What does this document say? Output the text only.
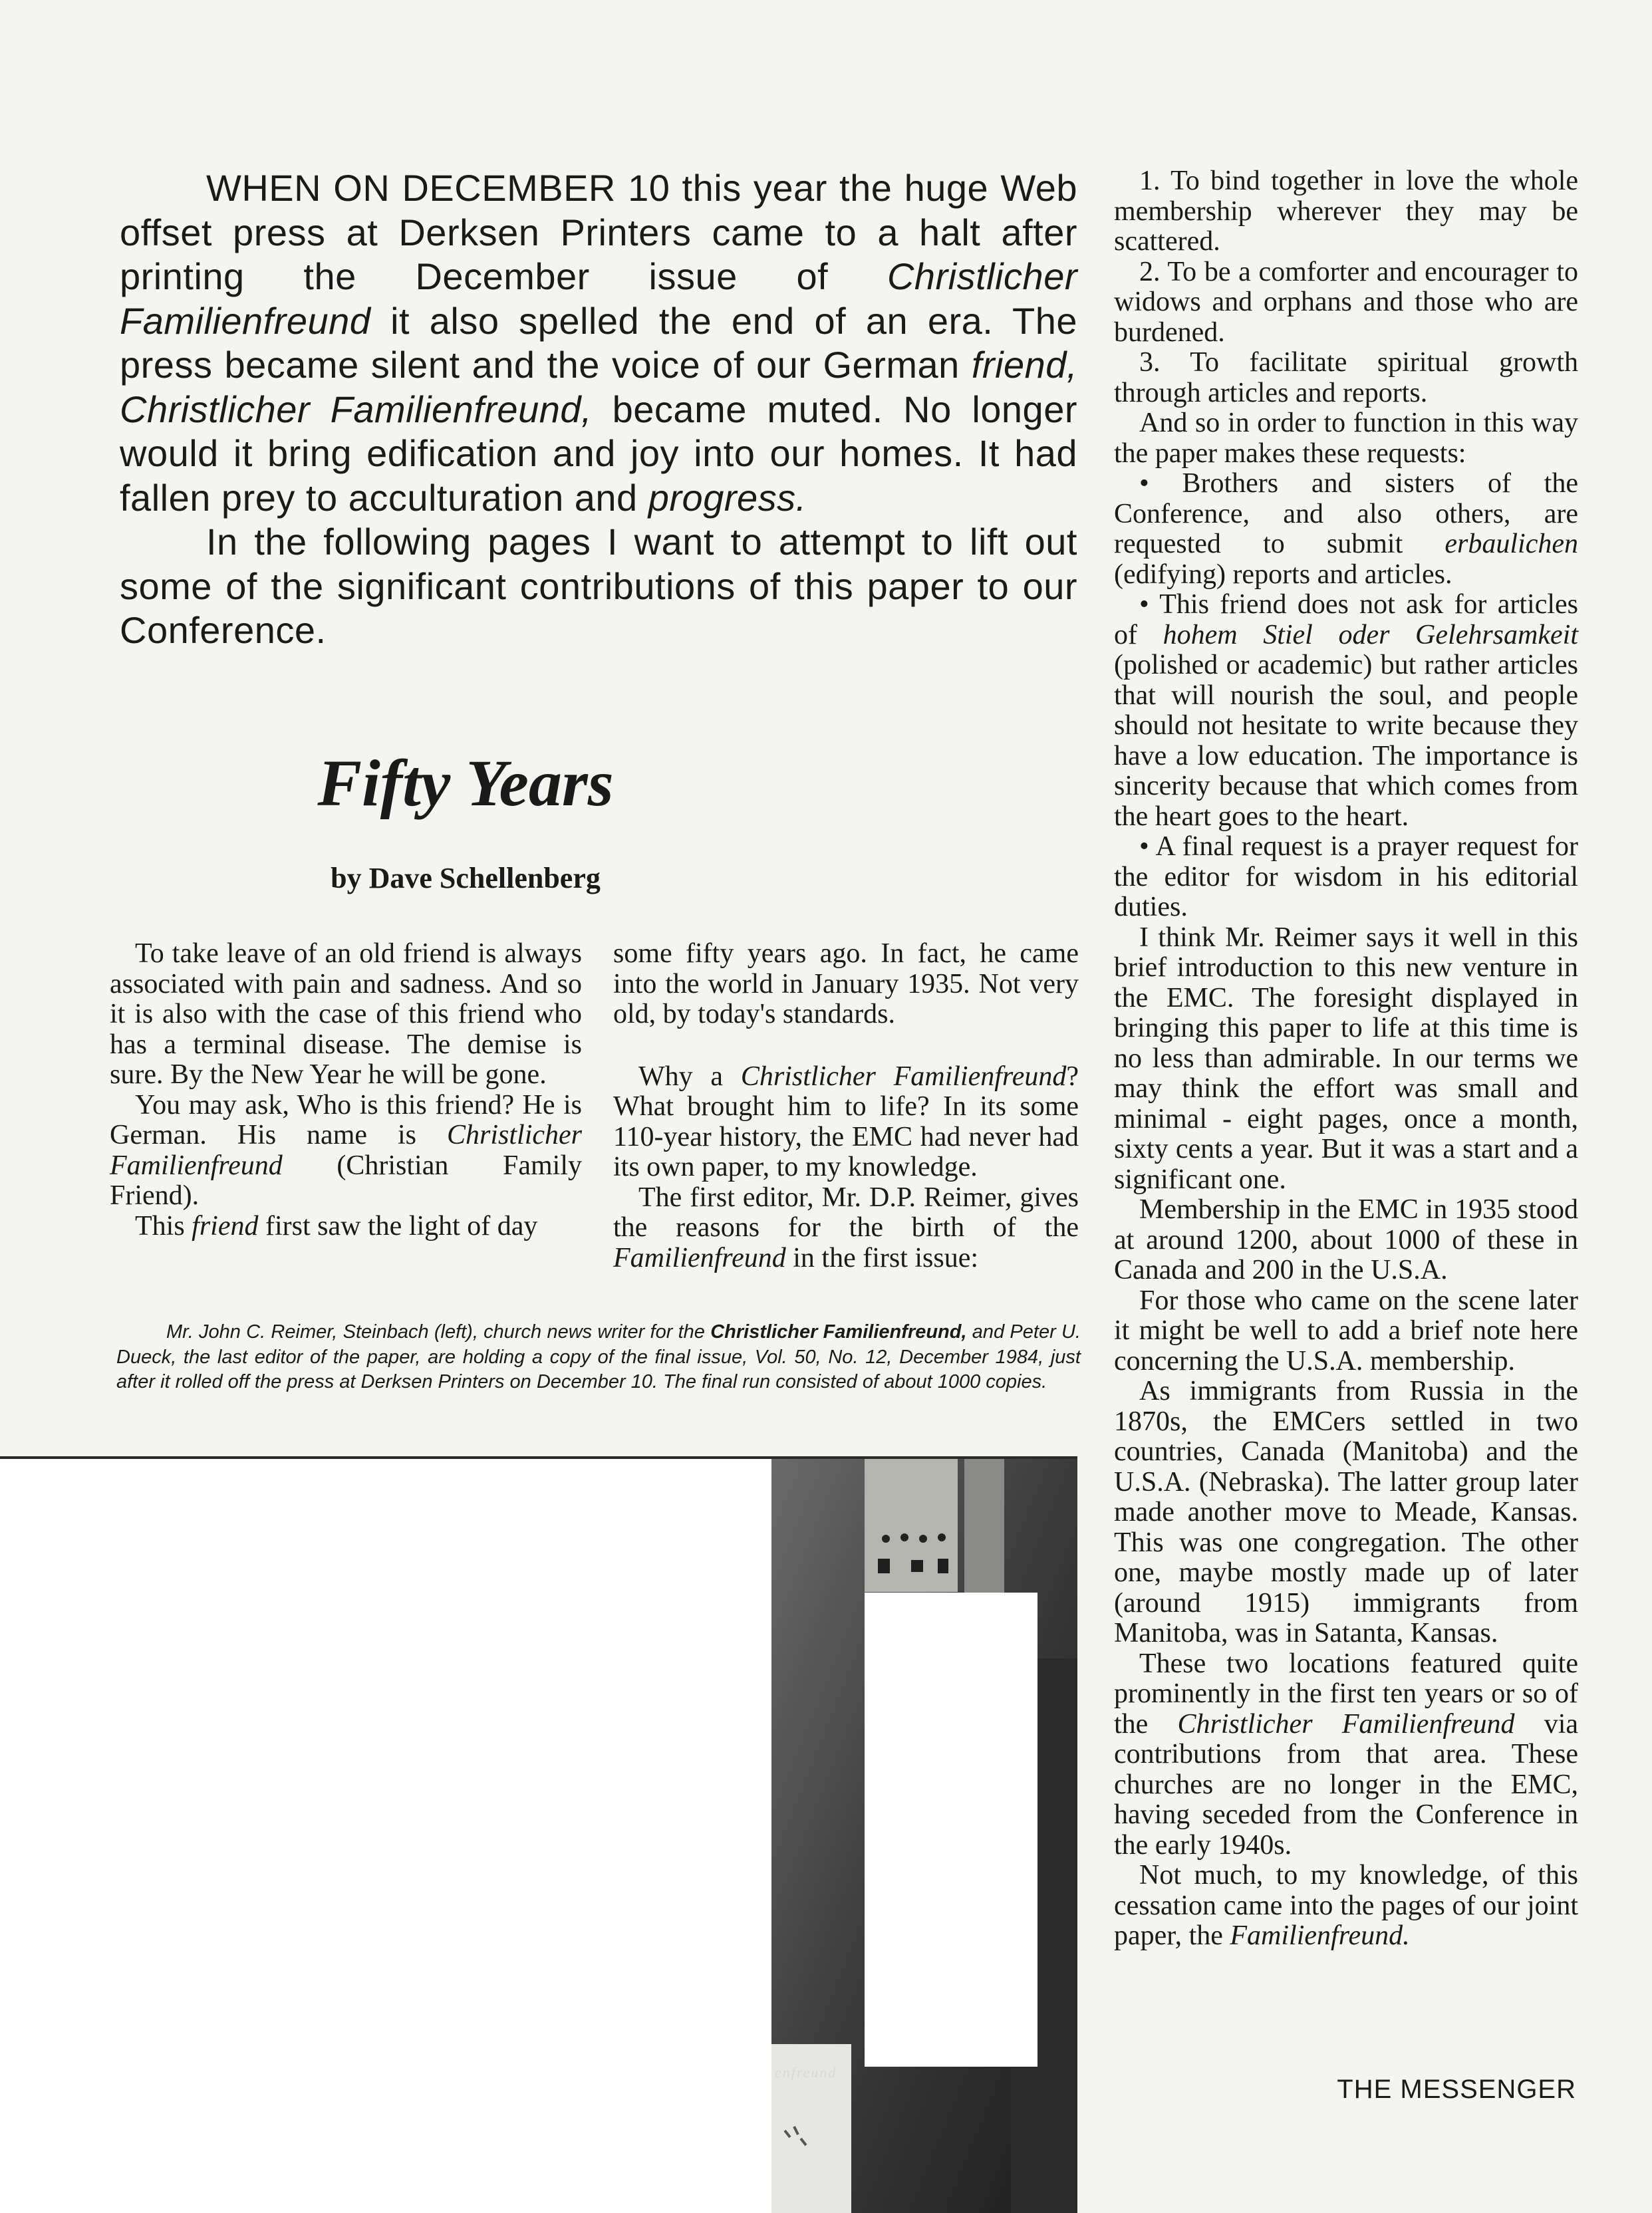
WHEN ON DECEMBER 10 this year the huge Web offset press at Derksen Printers came to a halt after printing the December issue of Christlicher Familienfreund it also spelled the end of an era. The press became silent and the voice of our German friend, Christlicher Familienfreund, became muted. No longer would it bring edification and joy into our homes. It had fallen prey to acculturation and progress.

In the following pages I want to attempt to lift out some of the significant contributions of this paper to our Conference.

Fifty Years
by Dave Schellenberg

To take leave of an old friend is always associated with pain and sadness. And so it is also with the case of this friend who has a terminal disease. The demise is sure. By the New Year he will be gone.

You may ask, Who is this friend? He is German. His name is Christlicher Familienfreund (Christian Family Friend).

This friend first saw the light of day

some fifty years ago. In fact, he came into the world in January 1935. Not very old, by today's standards.

Why a Christlicher Familienfreund? What brought him to life? In its some 110-year history, the EMC had never had its own paper, to my knowledge.

The first editor, Mr. D.P. Reimer, gives the reasons for the birth of the Familienfreund in the first issue:

Mr. John C. Reimer, Steinbach (left), church news writer for the Christlicher Familienfreund, and Peter U. Dueck, the last editor of the paper, are holding a copy of the final issue, Vol. 50, No. 12, December 1984, just after it rolled off the press at Derksen Printers on December 10. The final run consisted of about 1000 copies.
enfreund

1. To bind together in love the whole membership wherever they may be scattered.

2. To be a comforter and encourager to widows and orphans and those who are burdened.

3. To facilitate spiritual growth through articles and reports.

And so in order to function in this way the paper makes these requests:

• Brothers and sisters of the Conference, and also others, are requested to submit erbaulichen (edifying) reports and articles.

• This friend does not ask for articles of hohem Stiel oder Gelehrsamkeit (polished or academic) but rather articles that will nourish the soul, and people should not hesitate to write because they have a low education. The importance is sincerity because that which comes from the heart goes to the heart.

• A final request is a prayer request for the editor for wisdom in his editorial duties.

I think Mr. Reimer says it well in this brief introduction to this new venture in the EMC. The foresight displayed in bringing this paper to life at this time is no less than admirable. In our terms we may think the effort was small and minimal - eight pages, once a month, sixty cents a year. But it was a start and a significant one.

Membership in the EMC in 1935 stood at around 1200, about 1000 of these in Canada and 200 in the U.S.A.

For those who came on the scene later it might be well to add a brief note here concerning the U.S.A. membership.

As immigrants from Russia in the 1870s, the EMCers settled in two countries, Canada (Manitoba) and the U.S.A. (Nebraska). The latter group later made another move to Meade, Kansas. This was one congregation. The other one, maybe mostly made up of later (around 1915) immigrants from Manitoba, was in Satanta, Kansas.

These two locations featured quite prominently in the first ten years or so of the Christlicher Familienfreund via contributions from that area. These churches are no longer in the EMC, having seceded from the Conference in the early 1940s.

Not much, to my knowledge, of this cessation came into the pages of our joint paper, the Familienfreund.

THE MESSENGER
